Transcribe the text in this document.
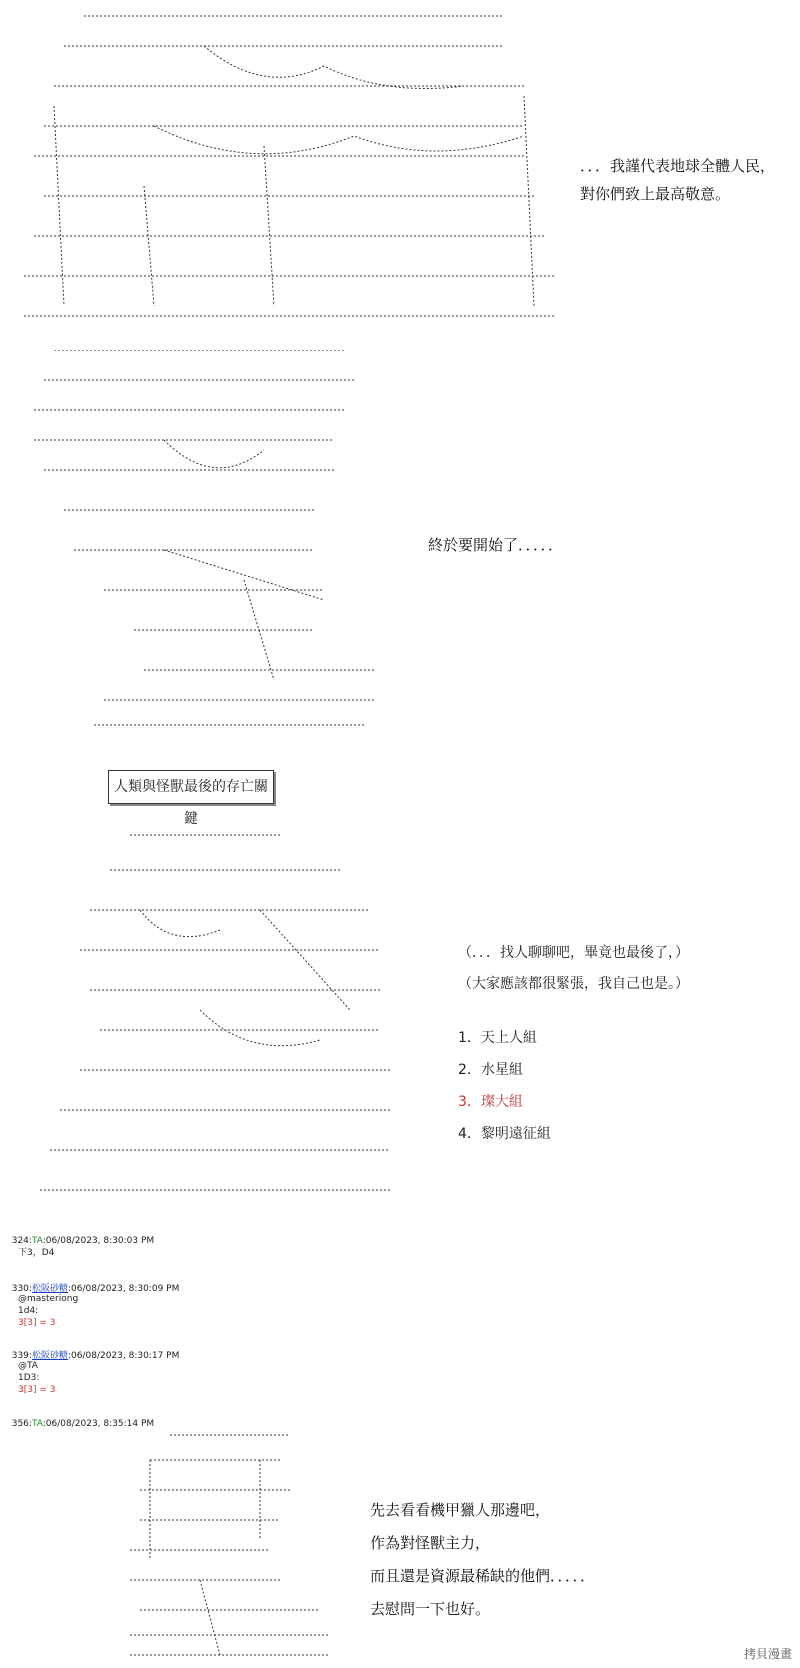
．．．我謹代表地球全體人民，
對你們致上最高敬意。
終於要開始了．．．．．
人類與怪獸最後的存亡關鍵
（．．．找人聊聊吧，畢竟也最後了，）
（大家應該都很緊張，我自己也是。）
1．天上人組
2．水星組
3．璨大組
4．黎明遠征組

324:TA:06/08/2023, 8:30:03 PM

下3，D4

330:松阪砂糖:06/08/2023, 8:30:09 PM

@masteriong
1d4:
3[3] = 3

339:松阪砂糖:06/08/2023, 8:30:17 PM

@TA
1D3:
3[3] = 3

356:TA:06/08/2023, 8:35:14 PM

先去看看機甲獵人那邊吧，
作為對怪獸主力，
而且還是資源最稀缺的他們．．．．．
去慰問一下也好。
拷貝漫畫
